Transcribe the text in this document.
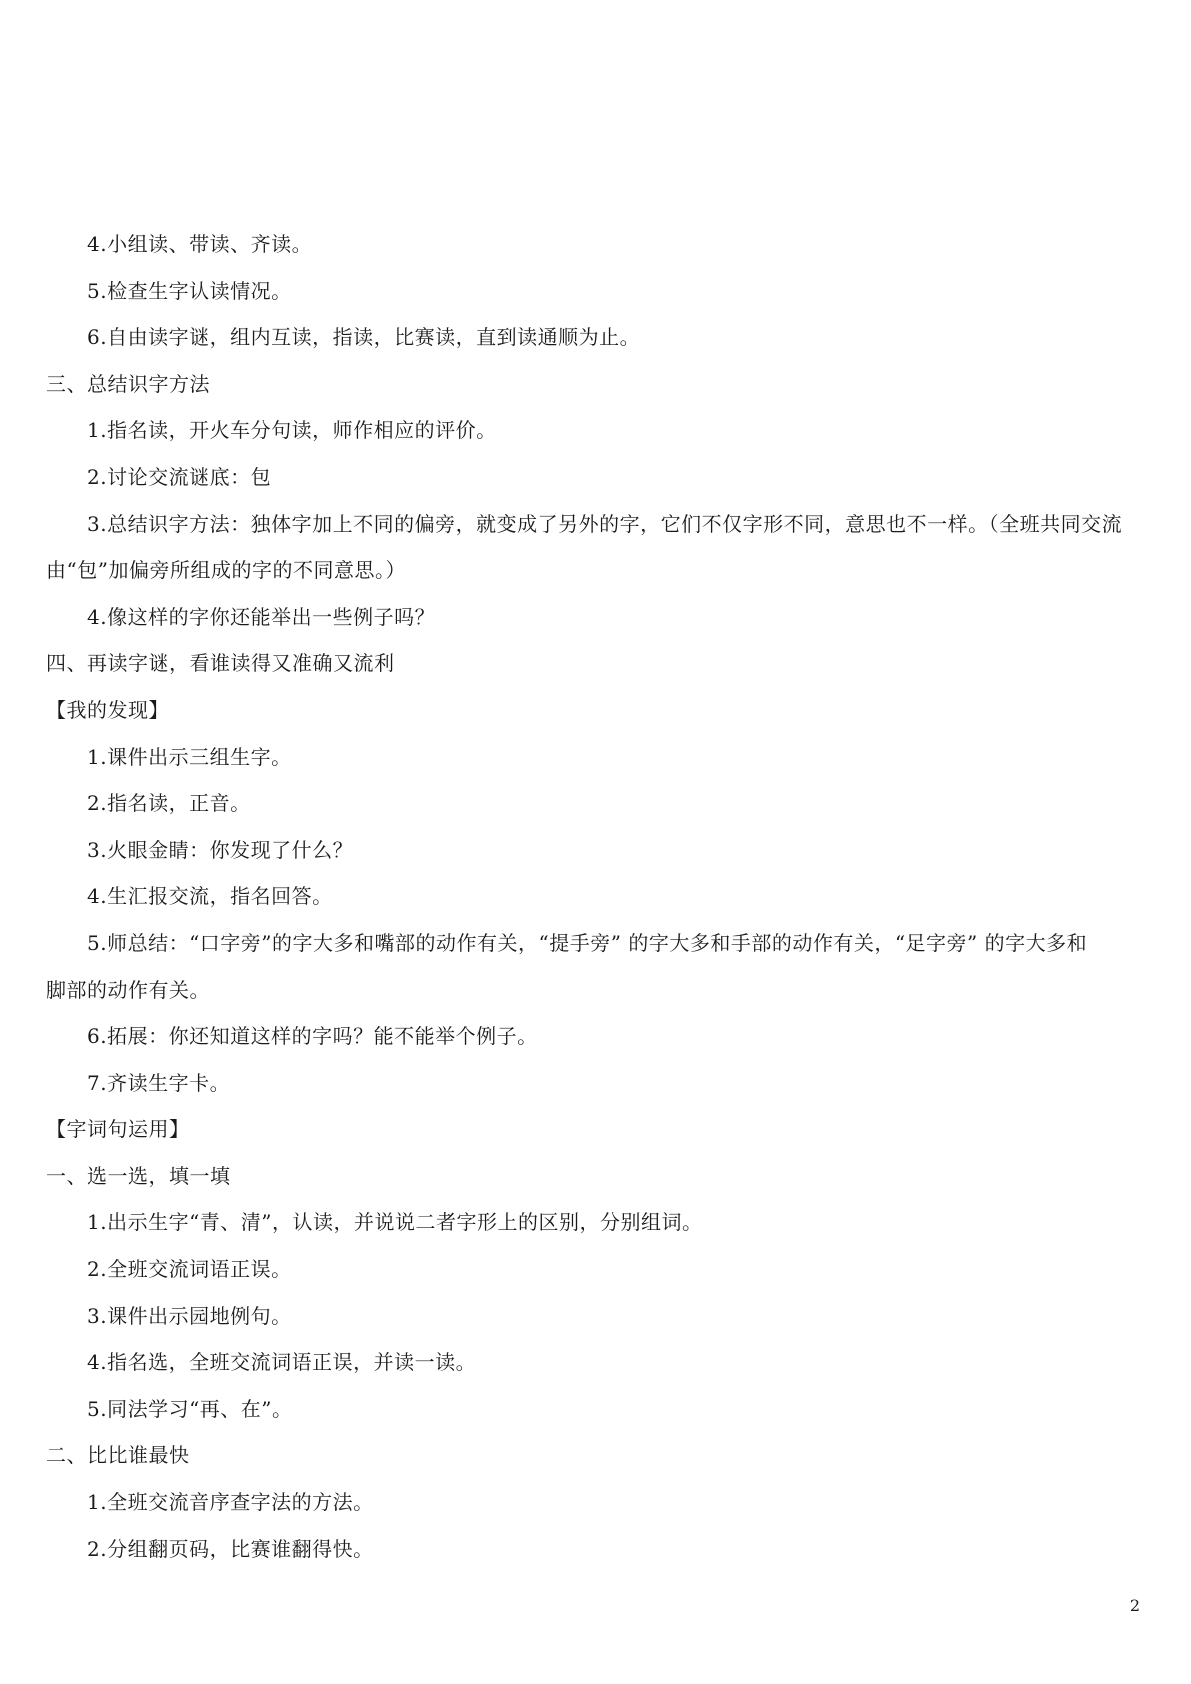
4.小组读、带读、齐读。
5.检查生字认读情况。
6.自由读字谜，组内互读，指读，比赛读，直到读通顺为止。
三、总结识字方法
1.指名读，开火车分句读，师作相应的评价。
2.讨论交流谜底：包
3.总结识字方法：独体字加上不同的偏旁，就变成了另外的字，它们不仅字形不同，意思也不一样。（全班共同交流
由“包”加偏旁所组成的字的不同意思。）
4.像这样的字你还能举出一些例子吗？
四、再读字谜，看谁读得又准确又流利
【我的发现】
1.课件出示三组生字。
2.指名读，正音。
3.火眼金睛：你发现了什么？
4.生汇报交流，指名回答。
5.师总结：“口字旁”的字大多和嘴部的动作有关，“提手旁” 的字大多和手部的动作有关，“足字旁” 的字大多和
脚部的动作有关。
6.拓展：你还知道这样的字吗？能不能举个例子。
7.齐读生字卡。
【字词句运用】
一、选一选，填一填
1.出示生字“青、清”，认读，并说说二者字形上的区别，分别组词。
2.全班交流词语正误。
3.课件出示园地例句。
4.指名选，全班交流词语正误，并读一读。
5.同法学习“再、在”。
二、比比谁最快
1.全班交流音序查字法的方法。
2.分组翻页码，比赛谁翻得快。
2
